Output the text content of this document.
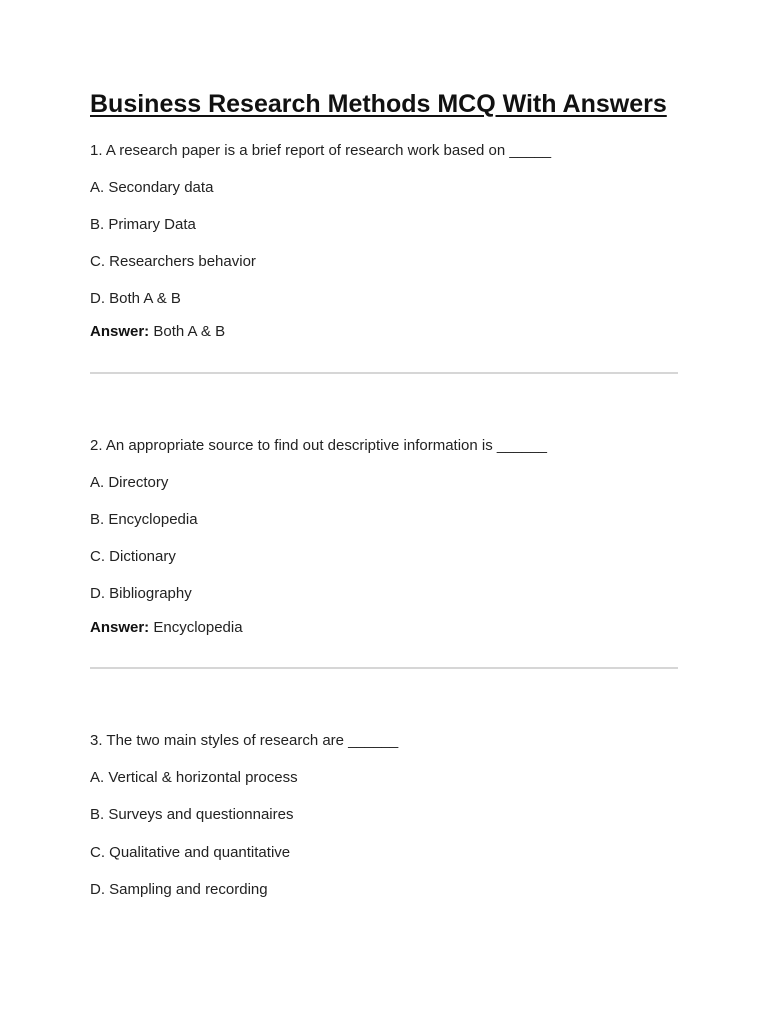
Business Research Methods MCQ With Answers

1. A research paper is a brief report of research work based on _____

A. Secondary data

B. Primary Data

C. Researchers behavior

D. Both A & B

Answer: Both A & B

2. An appropriate source to find out descriptive information is ______

A. Directory

B. Encyclopedia

C. Dictionary

D. Bibliography

Answer: Encyclopedia

3. The two main styles of research are ______

A. Vertical & horizontal process

B. Surveys and questionnaires

C. Qualitative and quantitative

D. Sampling and recording
